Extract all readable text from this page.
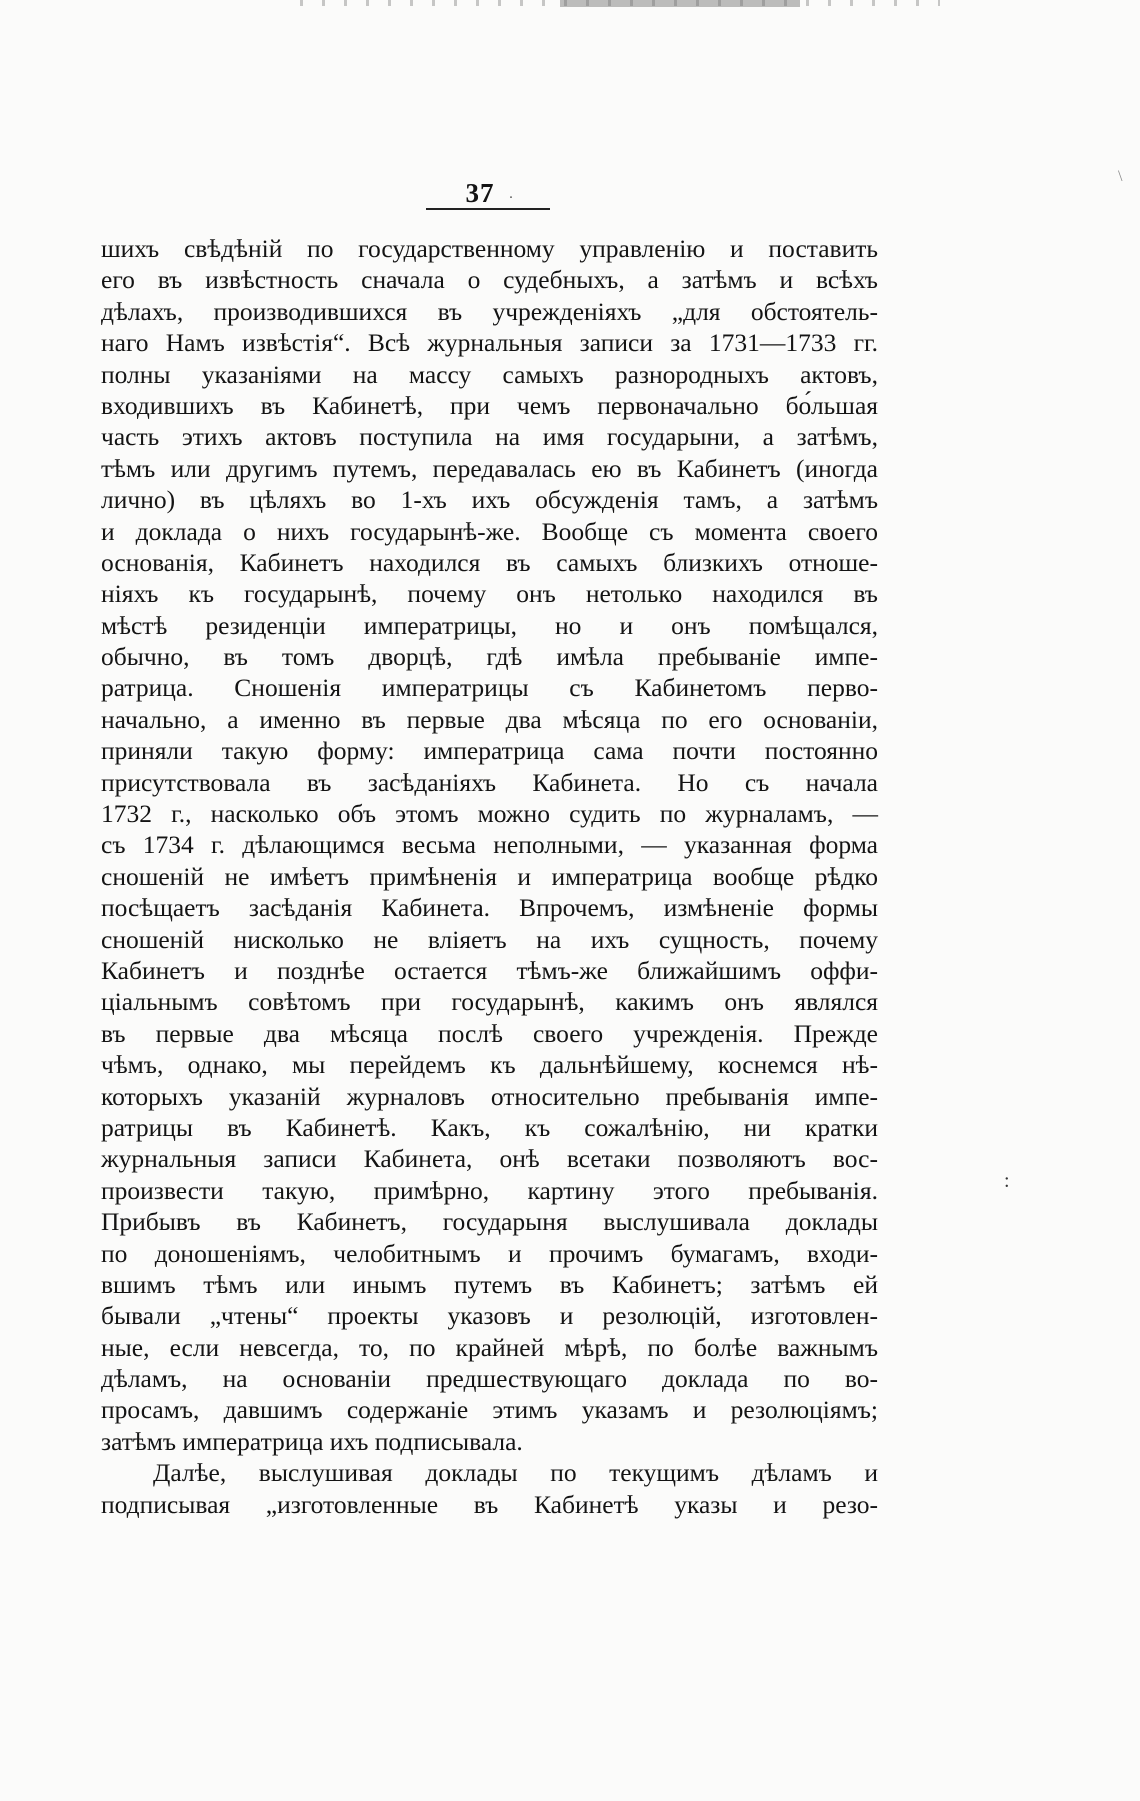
37 ·
\
шихъ свѣдѣній по государственному управленію и поставить
его въ извѣстность сначала о судебныхъ, а затѣмъ и всѣхъ
дѣлахъ, производившихся въ учрежденіяхъ „для обстоятель-
наго Намъ извѣстія“. Всѣ журнальныя записи за 1731—1733 гг.
полны указаніями на массу самыхъ разнородныхъ актовъ,
входившихъ въ Кабинетѣ, при чемъ первоначально бо́льшая
часть этихъ актовъ поступила на имя государыни, а затѣмъ,
тѣмъ или другимъ путемъ, передавалась ею въ Кабинетъ (иногда
лично) въ цѣляхъ во 1-хъ ихъ обсужденія тамъ, а затѣмъ
и доклада о нихъ государынѣ-же. Вообще съ момента своего
основанія, Кабинетъ находился въ самыхъ близкихъ отноше-
ніяхъ къ государынѣ, почему онъ нетолько находился въ
мѣстѣ резиденціи императрицы, но и онъ помѣщался,
обычно, въ томъ дворцѣ, гдѣ имѣла пребываніе импе-
ратрица. Сношенія императрицы съ Кабинетомъ перво-
начально, а именно въ первые два мѣсяца по его основаніи,
приняли такую форму: императрица сама почти постоянно
присутствовала въ засѣданіяхъ Кабинета. Но съ начала
1732 г., насколько объ этомъ можно судить по журналамъ, —
съ 1734 г. дѣлающимся весьма неполными, — указанная форма
сношеній не имѣетъ примѣненія и императрица вообще рѣдко
посѣщаетъ засѣданія Кабинета. Впрочемъ, измѣненіе формы
сношеній нисколько не вліяетъ на ихъ сущность, почему
Кабинетъ и позднѣе остается тѣмъ-же ближайшимъ оффи-
ціальнымъ совѣтомъ при государынѣ, какимъ онъ являлся
въ первые два мѣсяца послѣ своего учрежденія. Прежде
чѣмъ, однако, мы перейдемъ къ дальнѣйшему, коснемся нѣ-
которыхъ указаній журналовъ относительно пребыванія импе-
ратрицы въ Кабинетѣ. Какъ, къ сожалѣнію, ни кратки
журнальныя записи Кабинета, онѣ всетаки позволяютъ вос-
произвести такую, примѣрно, картину этого пребыванія.
Прибывъ въ Кабинетъ, государыня выслушивала доклады
по доношеніямъ, челобитнымъ и прочимъ бумагамъ, входи-
вшимъ тѣмъ или инымъ путемъ въ Кабинетъ; затѣмъ ей
бывали „чтены“ проекты указовъ и резолюцій, изготовлен-
ные, если невсегда, то, по крайней мѣрѣ, по болѣе важнымъ
дѣламъ, на основаніи предшествующаго доклада по во-
просамъ, давшимъ содержаніе этимъ указамъ и резолюціямъ;
затѣмъ императрица ихъ подписывала.
Далѣе, выслушивая доклады по текущимъ дѣламъ и
подписывая „изготовленные въ Кабинетѣ указы и резо-
:
